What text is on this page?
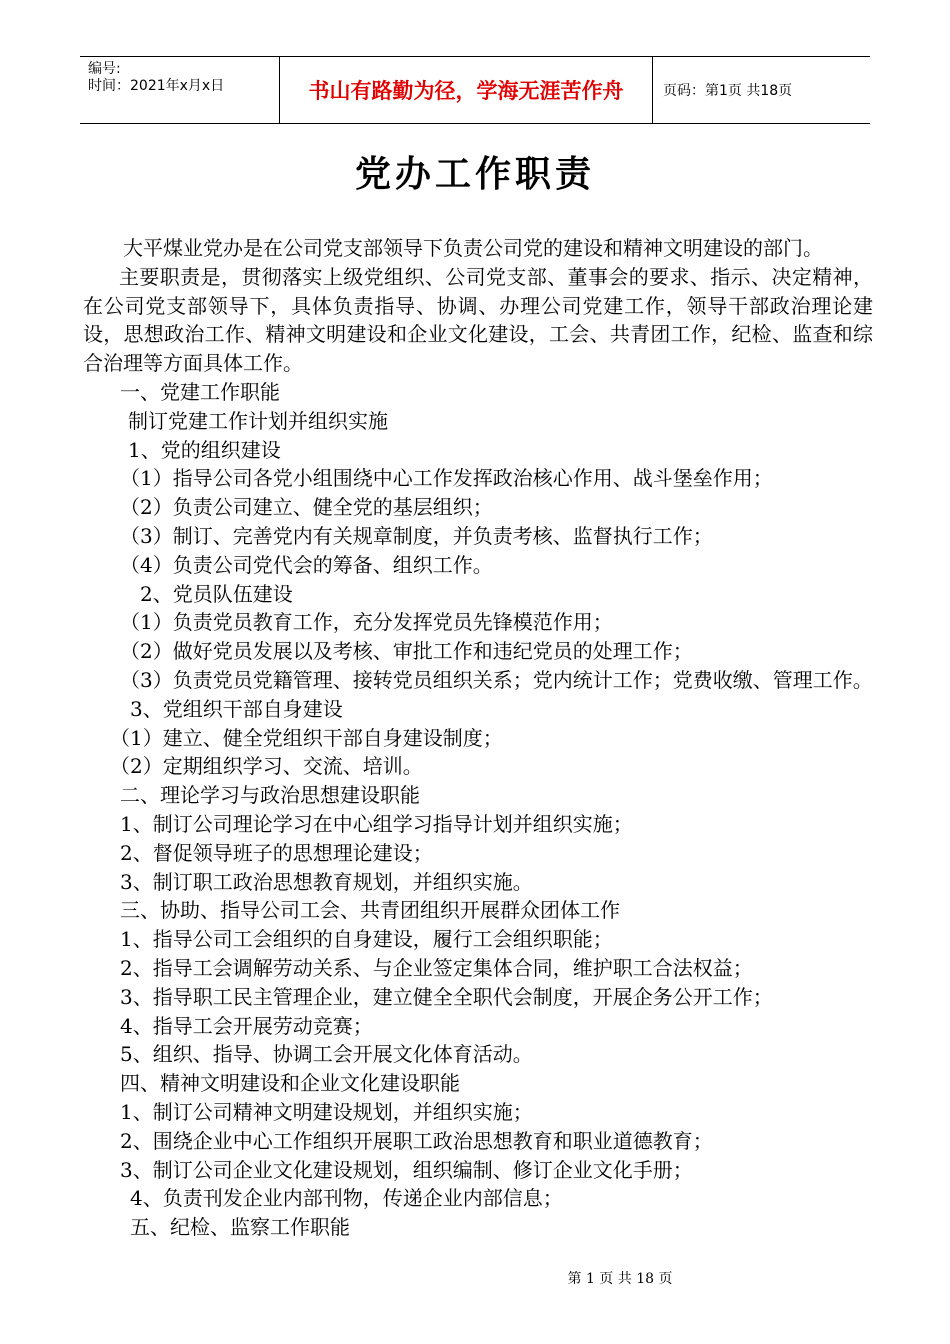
编号:
时间：2021年x月x日	书山有路勤为径，学海无涯苦作舟	页码：第1页 共18页
党办工作职责

大平煤业党办是在公司党支部领导下负责公司党的建设和精神文明建设的部门。

主要职责是，贯彻落实上级党组织、公司党支部、董事会的要求、指示、决定精神，在公司党支部领导下，具体负责指导、协调、办理公司党建工作，领导干部政治理论建设，思想政治工作、精神文明建设和企业文化建设，工会、共青团工作，纪检、监查和综合治理等方面具体工作。

一、党建工作职能

制订党建工作计划并组织实施

1、党的组织建设

（1）指导公司各党小组围绕中心工作发挥政治核心作用、战斗堡垒作用；

（2）负责公司建立、健全党的基层组织；

（3）制订、完善党内有关规章制度，并负责考核、监督执行工作；

（4）负责公司党代会的筹备、组织工作。

2、党员队伍建设

（1）负责党员教育工作，充分发挥党员先锋模范作用；

（2）做好党员发展以及考核、审批工作和违纪党员的处理工作；

（3）负责党员党籍管理、接转党员组织关系；党内统计工作；党费收缴、管理工作。

3、党组织干部自身建设

（1）建立、健全党组织干部自身建设制度；

（2）定期组织学习、交流、培训。

二、理论学习与政治思想建设职能

1、制订公司理论学习在中心组学习指导计划并组织实施；

2、督促领导班子的思想理论建设；

3、制订职工政治思想教育规划，并组织实施。

三、协助、指导公司工会、共青团组织开展群众团体工作

1、指导公司工会组织的自身建设，履行工会组织职能；

2、指导工会调解劳动关系、与企业签定集体合同，维护职工合法权益；

3、指导职工民主管理企业，建立健全全职代会制度，开展企务公开工作；

4、指导工会开展劳动竞赛；

5、组织、指导、协调工会开展文化体育活动。

四、精神文明建设和企业文化建设职能

1、制订公司精神文明建设规划，并组织实施；

2、围绕企业中心工作组织开展职工政治思想教育和职业道德教育；

3、制订公司企业文化建设规划，组织编制、修订企业文化手册；

4、负责刊发企业内部刊物，传递企业内部信息；

五、纪检、监察工作职能

第 1 页 共 18 页
